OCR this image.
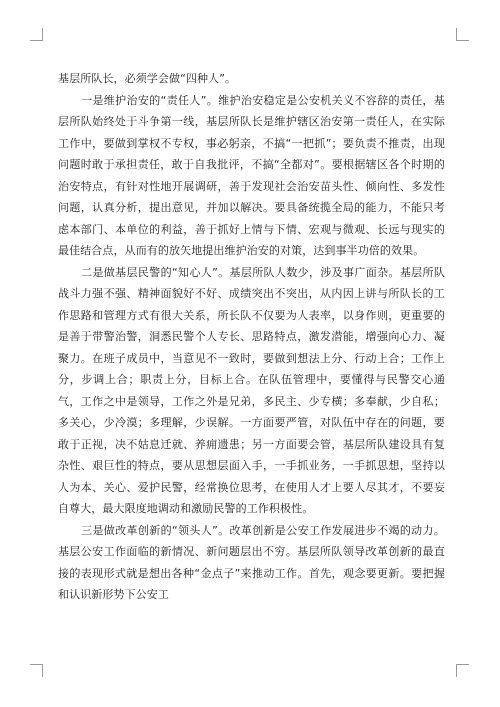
基层所队长，必须学会做“四种人”。

一是维护治安的“责任人”。维护治安稳定是公安机关义不容辞的责任，基层所队始终处于斗争第一线，基层所队长是维护辖区治安第一责任人，在实际工作中，要做到掌权不专权，事必躬亲，不搞“一把抓”；要负责不推责，出现问题时敢于承担责任，敢于自我批评，不搞“全都对”。要根据辖区各个时期的治安特点，有针对性地开展调研，善于发现社会治安苗头性、倾向性、多发性问题，认真分析，提出意见，并加以解决。要具备统揽全局的能力，不能只考虑本部门、本单位的利益，善于抓好上情与下情、宏观与微观、长远与现实的最佳结合点，从而有的放矢地提出维护治安的对策，达到事半功倍的效果。

二是做基层民警的“知心人”。基层所队人数少，涉及事广面杂。基层所队战斗力强不强、精神面貌好不好、成绩突出不突出，从内因上讲与所队长的工作思路和管理方式有很大关系，所长队不仅要为人表率，以身作则，更重要的是善于带警治警，洞悉民警个人专长、思路特点，激发潜能，增强向心力、凝聚力。在班子成员中，当意见不一致时，要做到想法上分、行动上合；工作上分，步调上合；职责上分，目标上合。在队伍管理中，要懂得与民警交心通气，工作之中是领导，工作之外是兄弟，多民主、少专横；多奉献，少自私；多关心，少冷漠；多理解，少误解。一方面要严管，对队伍中存在的问题，要敢于正视，决不姑息迁就、养痈遗患；另一方面要会管，基层所队建设具有复杂性、艰巨性的特点，要从思想层面入手，一手抓业务，一手抓思想，坚持以人为本、关心、爱护民警，经常换位思考，在使用人才上要人尽其才，不要妄自尊大，最大限度地调动和激励民警的工作积极性。

三是做改革创新的“领头人”。改革创新是公安工作发展进步不竭的动力。基层公安工作面临的新情况、新问题层出不穷。基层所队领导改革创新的最直接的表现形式就是想出各种“金点子”来推动工作。首先，观念要更新。要把握和认识新形势下公安工
